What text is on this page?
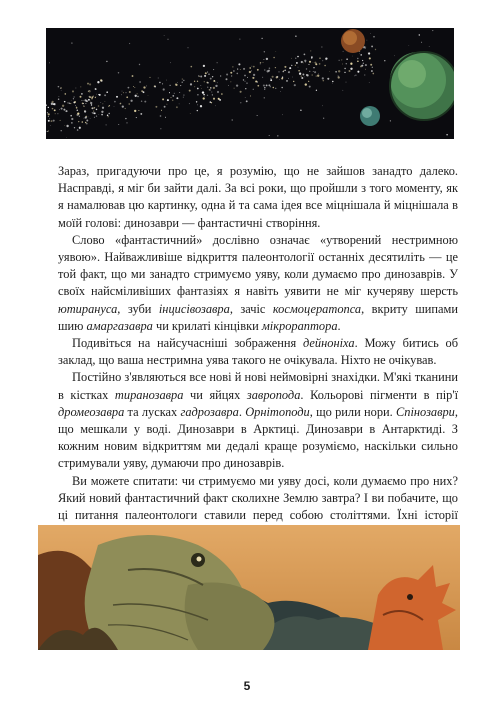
Зараз, пригадуючи про це, я розумію, що не зайшов занадто далеко. Насправді, я міг би зайти далі. За всі роки, що пройшли з того моменту, як я намалював цю картинку, одна й та сама ідея все міцнішала й міцнішала в моїй голові: динозаври — фантастичні створіння.

Слово «фантастичний» дослівно означає «утворений нестримною уявою». Найважливіше відкриття палеонтології останніх десятиліть — це той факт, що ми занадто стримуємо уяву, коли думаємо про динозаврів. У своїх найсміливіших фантазіях я навіть уявити не міг кучеряву шерсть ютирануса, зуби інцисівозавра, зачіс космоцератопса, вкриту шипами шию амаргазавра чи крилаті кінцівки мікрораптора.

Подивіться на найсучасніші зображення дейноніха. Можу битись об заклад, що ваша нестримна уява такого не очікувала. Ніхто не очікував.

Постійно з'являються все нові й нові неймовірні знахідки. М'які тканини в кістках тиранозавра чи яйцях завропода. Кольорові пігменти в пір'ї дромеозавра та лусках гадрозавра. Орнітоподи, що рили нори. Спінозаври, що мешкали у воді. Динозаври в Арктиці. Динозаври в Антарктиді. З кожним новим відкриттям ми дедалі краще розуміємо, наскільки сильно стримували уяву, думаючи про динозаврів.

Ви можете спитати: чи стримуємо ми уяву досі, коли думаємо про них? Який новий фантастичний факт сколихне Землю завтра? І ви побачите, що ці питання палеонтологи ставили перед собою століттями. Їхні історії

5
